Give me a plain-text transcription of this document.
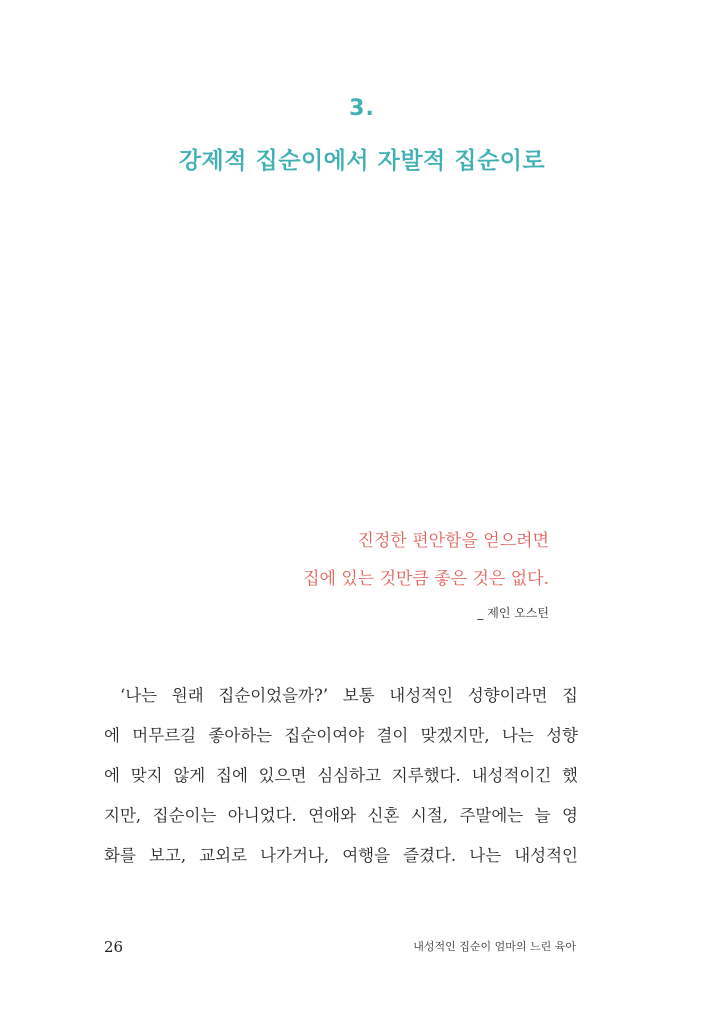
3.
강제적 집순이에서 자발적 집순이로
진정한 편안함을 얻으려면
집에 있는 것만큼 좋은 것은 없다.
_ 제인 오스틴
‘나는 원래 집순이었을까?’ 보통 내성적인 성향이라면 집
에 머무르길 좋아하는 집순이여야 결이 맞겠지만, 나는 성향
에 맞지 않게 집에 있으면 심심하고 지루했다. 내성적이긴 했
지만, 집순이는 아니었다. 연애와 신혼 시절, 주말에는 늘 영
화를 보고, 교외로 나가거나, 여행을 즐겼다. 나는 내성적인
26	내성적인 집순이 엄마의 느린 육아
